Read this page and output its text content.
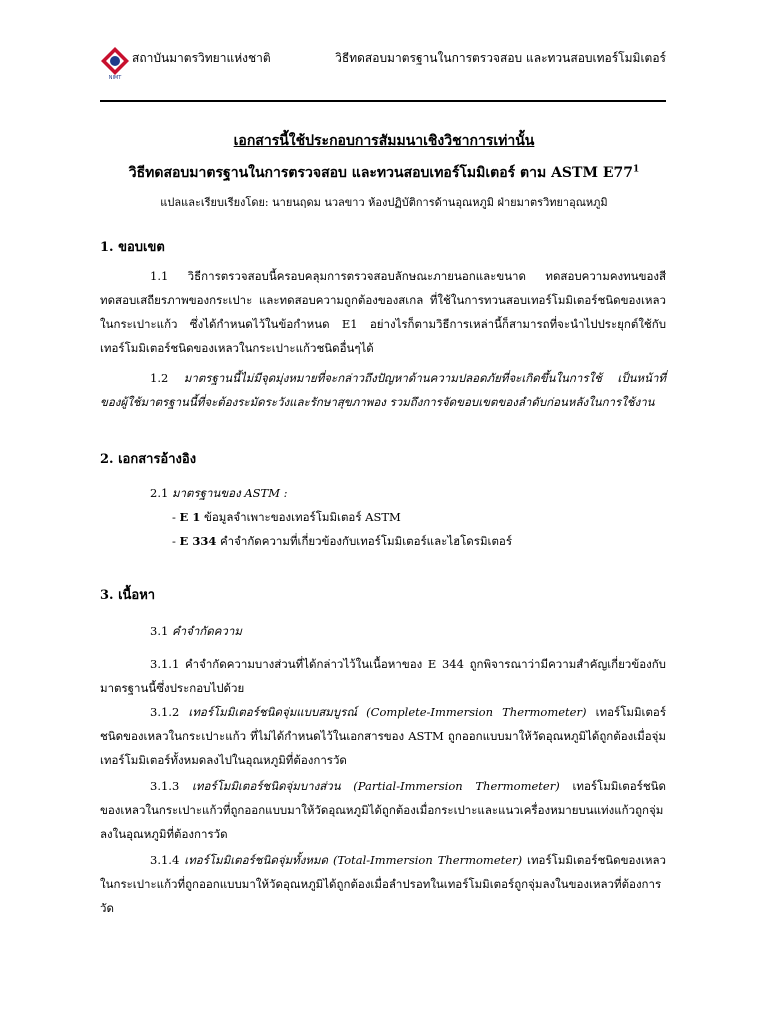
NIMT
สถาบันมาตรวิทยาแห่งชาติ	วิธีทดสอบมาตรฐานในการตรวจสอบ และทวนสอบเทอร์โมมิเตอร์
เอกสารนี้ใช้ประกอบการสัมมนาเชิงวิชาการเท่านั้น
วิธีทดสอบมาตรฐานในการตรวจสอบ และทวนสอบเทอร์โมมิเตอร์ ตาม ASTM $E77^1$
แปลและเรียบเรียงโดย: นายนฤดม นวลขาว ห้องปฏิบัติการด้านอุณหภูมิ ฝ่ายมาตรวิทยาอุณหภูมิ
1. ขอบเขต
1.1 วิธีการตรวจสอบนี้ครอบคลุมการตรวจสอบลักษณะภายนอกและขนาด ทดสอบความคงทนของสี ทดสอบเสถียรภาพของกระเปาะ และทดสอบความถูกต้องของสเกล ที่ใช้ในการทวนสอบเทอร์โมมิเตอร์ชนิดของเหลวในกระเปาะแก้ว ซึ่งได้กำหนดไว้ในข้อกำหนด E1 อย่างไรก็ตามวิธีการเหล่านี้ก็สามารถที่จะนำไปประยุกต์ใช้กับเทอร์โมมิเตอร์ชนิดของเหลวในกระเปาะแก้วชนิดอื่นๆได้
1.2 มาตรฐานนี้ไม่มีจุดมุ่งหมายที่จะกล่าวถึงปัญหาด้านความปลอดภัยที่จะเกิดขึ้นในการใช้ เป็นหน้าที่ ของผู้ใช้มาตรฐานนี้ที่จะต้องระมัดระวังและรักษาสุขภาพอง รวมถึงการจัดขอบเขตของลำดับก่อนหลังในการใช้งาน
2. เอกสารอ้างอิง
2.1 มาตรฐานของ ASTM :
- E 1 ข้อมูลจำเพาะของเทอร์โมมิเตอร์ ASTM
- E 334 คำจำกัดความที่เกี่ยวข้องกับเทอร์โมมิเตอร์และไฮโดรมิเตอร์
3. เนื้อหา
3.1 คำจำกัดความ
3.1.1 คำจำกัดความบางส่วนที่ได้กล่าวไว้ในเนื้อหาของ E 344 ถูกพิจารณาว่ามีความสำคัญเกี่ยวข้องกับมาตรฐานนี้ซึ่งประกอบไปด้วย
3.1.2 เทอร์โมมิเตอร์ชนิดจุ่มแบบสมบูรณ์ (Complete-Immersion Thermometer) เทอร์โมมิเตอร์ชนิดของเหลวในกระเปาะแก้ว ที่ไม่ได้กำหนดไว้ในเอกสารของ ASTM ถูกออกแบบมาให้วัดอุณหภูมิได้ถูกต้องเมื่อจุ่มเทอร์โมมิเตอร์ทั้งหมดลงไปในอุณหภูมิที่ต้องการวัด
3.1.3 เทอร์โมมิเตอร์ชนิดจุ่มบางส่วน (Partial-Immersion Thermometer) เทอร์โมมิเตอร์ชนิดของเหลวในกระเปาะแก้วที่ถูกออกแบบมาให้วัดอุณหภูมิได้ถูกต้องเมื่อกระเปาะและแนวเครื่องหมายบนแท่งแก้วถูกจุ่มลงในอุณหภูมิที่ต้องการวัด
3.1.4 เทอร์โมมิเตอร์ชนิดจุ่มทั้งหมด (Total-Immersion Thermometer) เทอร์โมมิเตอร์ชนิดของเหลวในกระเปาะแก้วที่ถูกออกแบบมาให้วัดอุณหภูมิได้ถูกต้องเมื่อลำปรอทในเทอร์โมมิเตอร์ถูกจุ่มลงในของเหลวที่ต้องการวัด
